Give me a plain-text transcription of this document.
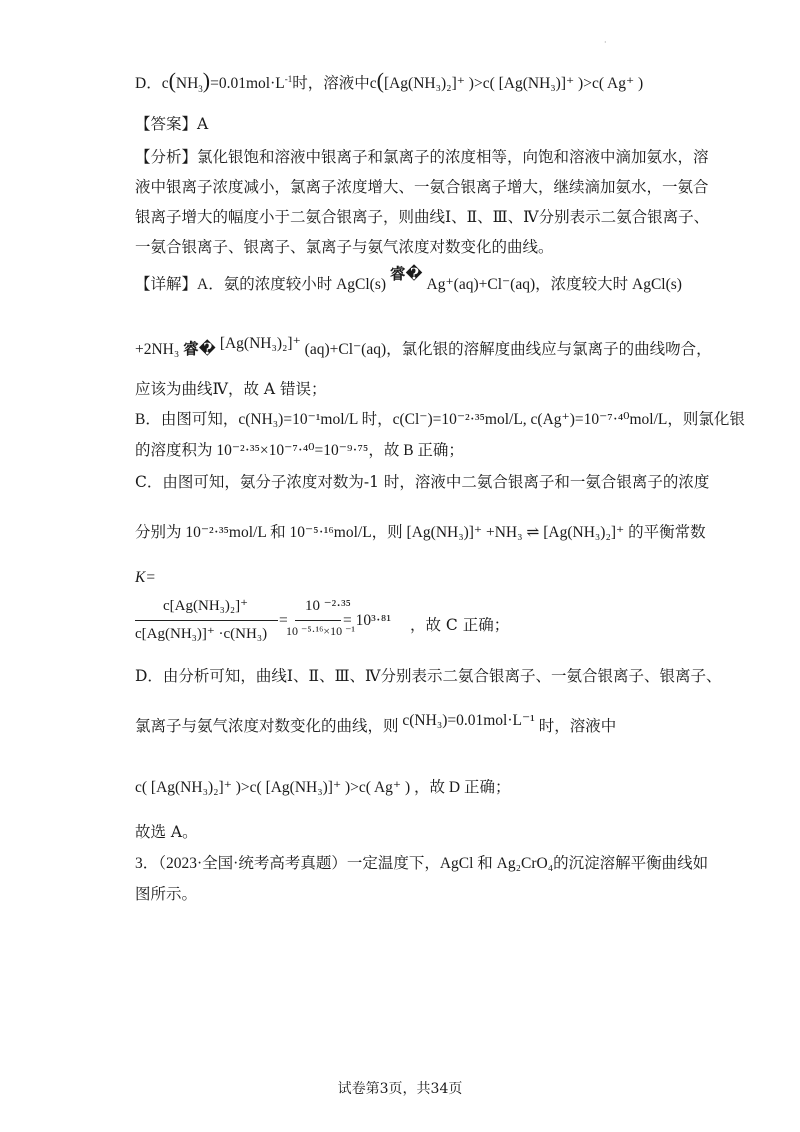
·
D．$c(NH_3)=0.01mol\cdot L^{-1}$时，溶液中c([Ag(NH₃)₂]⁺ )>c( [Ag(NH₃)]⁺ )>c( Ag⁺ )
【答案】A
【分析】氯化银饱和溶液中银离子和氯离子的浓度相等，向饱和溶液中滴加氨水，溶
液中银离子浓度减小，氯离子浓度增大、一氨合银离子增大，继续滴加氨水，一氨合
银离子增大的幅度小于二氨合银离子，则曲线Ⅰ、Ⅱ、Ⅲ、Ⅳ分别表示二氨合银离子、
一氨合银离子、银离子、氯离子与氨气浓度对数变化的曲线。
【详解】A．氨的浓度较小时 AgCl(s) 睿� Ag⁺(aq)+Cl⁻(aq)，浓度较大时 AgCl(s)
+2NH₃ 睿� [Ag(NH₃)₂]⁺ (aq)+Cl⁻(aq)，氯化银的溶解度曲线应与氯离子的曲线吻合，
应该为曲线Ⅳ，故 A 错误；
B．由图可知，c(NH₃)=10⁻¹mol/L 时，c(Cl⁻)=10⁻²·³⁵mol/L, c(Ag⁺)=10⁻⁷·⁴⁰mol/L，则氯化银
的溶度积为 10⁻²·³⁵×10⁻⁷·⁴⁰=10⁻⁹·⁷⁵，故 B 正确；
C．由图可知，氨分子浓度对数为-1 时，溶液中二氨合银离子和一氨合银离子的浓度
分别为 10⁻²·³⁵mol/L 和 10⁻⁵·¹⁶mol/L，则 [Ag(NH₃)]⁺ +NH₃ ⇌ [Ag(NH₃)₂]⁺ 的平衡常数
K=
c[Ag(NH₃)₂]⁺
c[Ag(NH₃)]⁺ ·c(NH₃)
=
10 ⁻²·³⁵
10 ⁻⁵·¹⁶×10 ⁻¹
= 10³·⁸¹ ，故 C 正确；
D．由分析可知，曲线Ⅰ、Ⅱ、Ⅲ、Ⅳ分别表示二氨合银离子、一氨合银离子、银离子、
氯离子与氨气浓度对数变化的曲线，则 c(NH₃)=0.01mol·L⁻¹ 时，溶液中
c( [Ag(NH₃)₂]⁺ )>c( [Ag(NH₃)]⁺ )>c( Ag⁺ ) ，故 D 正确；
故选 A。
3．（2023·全国·统考高考真题）一定温度下，AgCl 和 Ag₂CrO₄的沉淀溶解平衡曲线如
图所示。
试卷第3页，共34页
